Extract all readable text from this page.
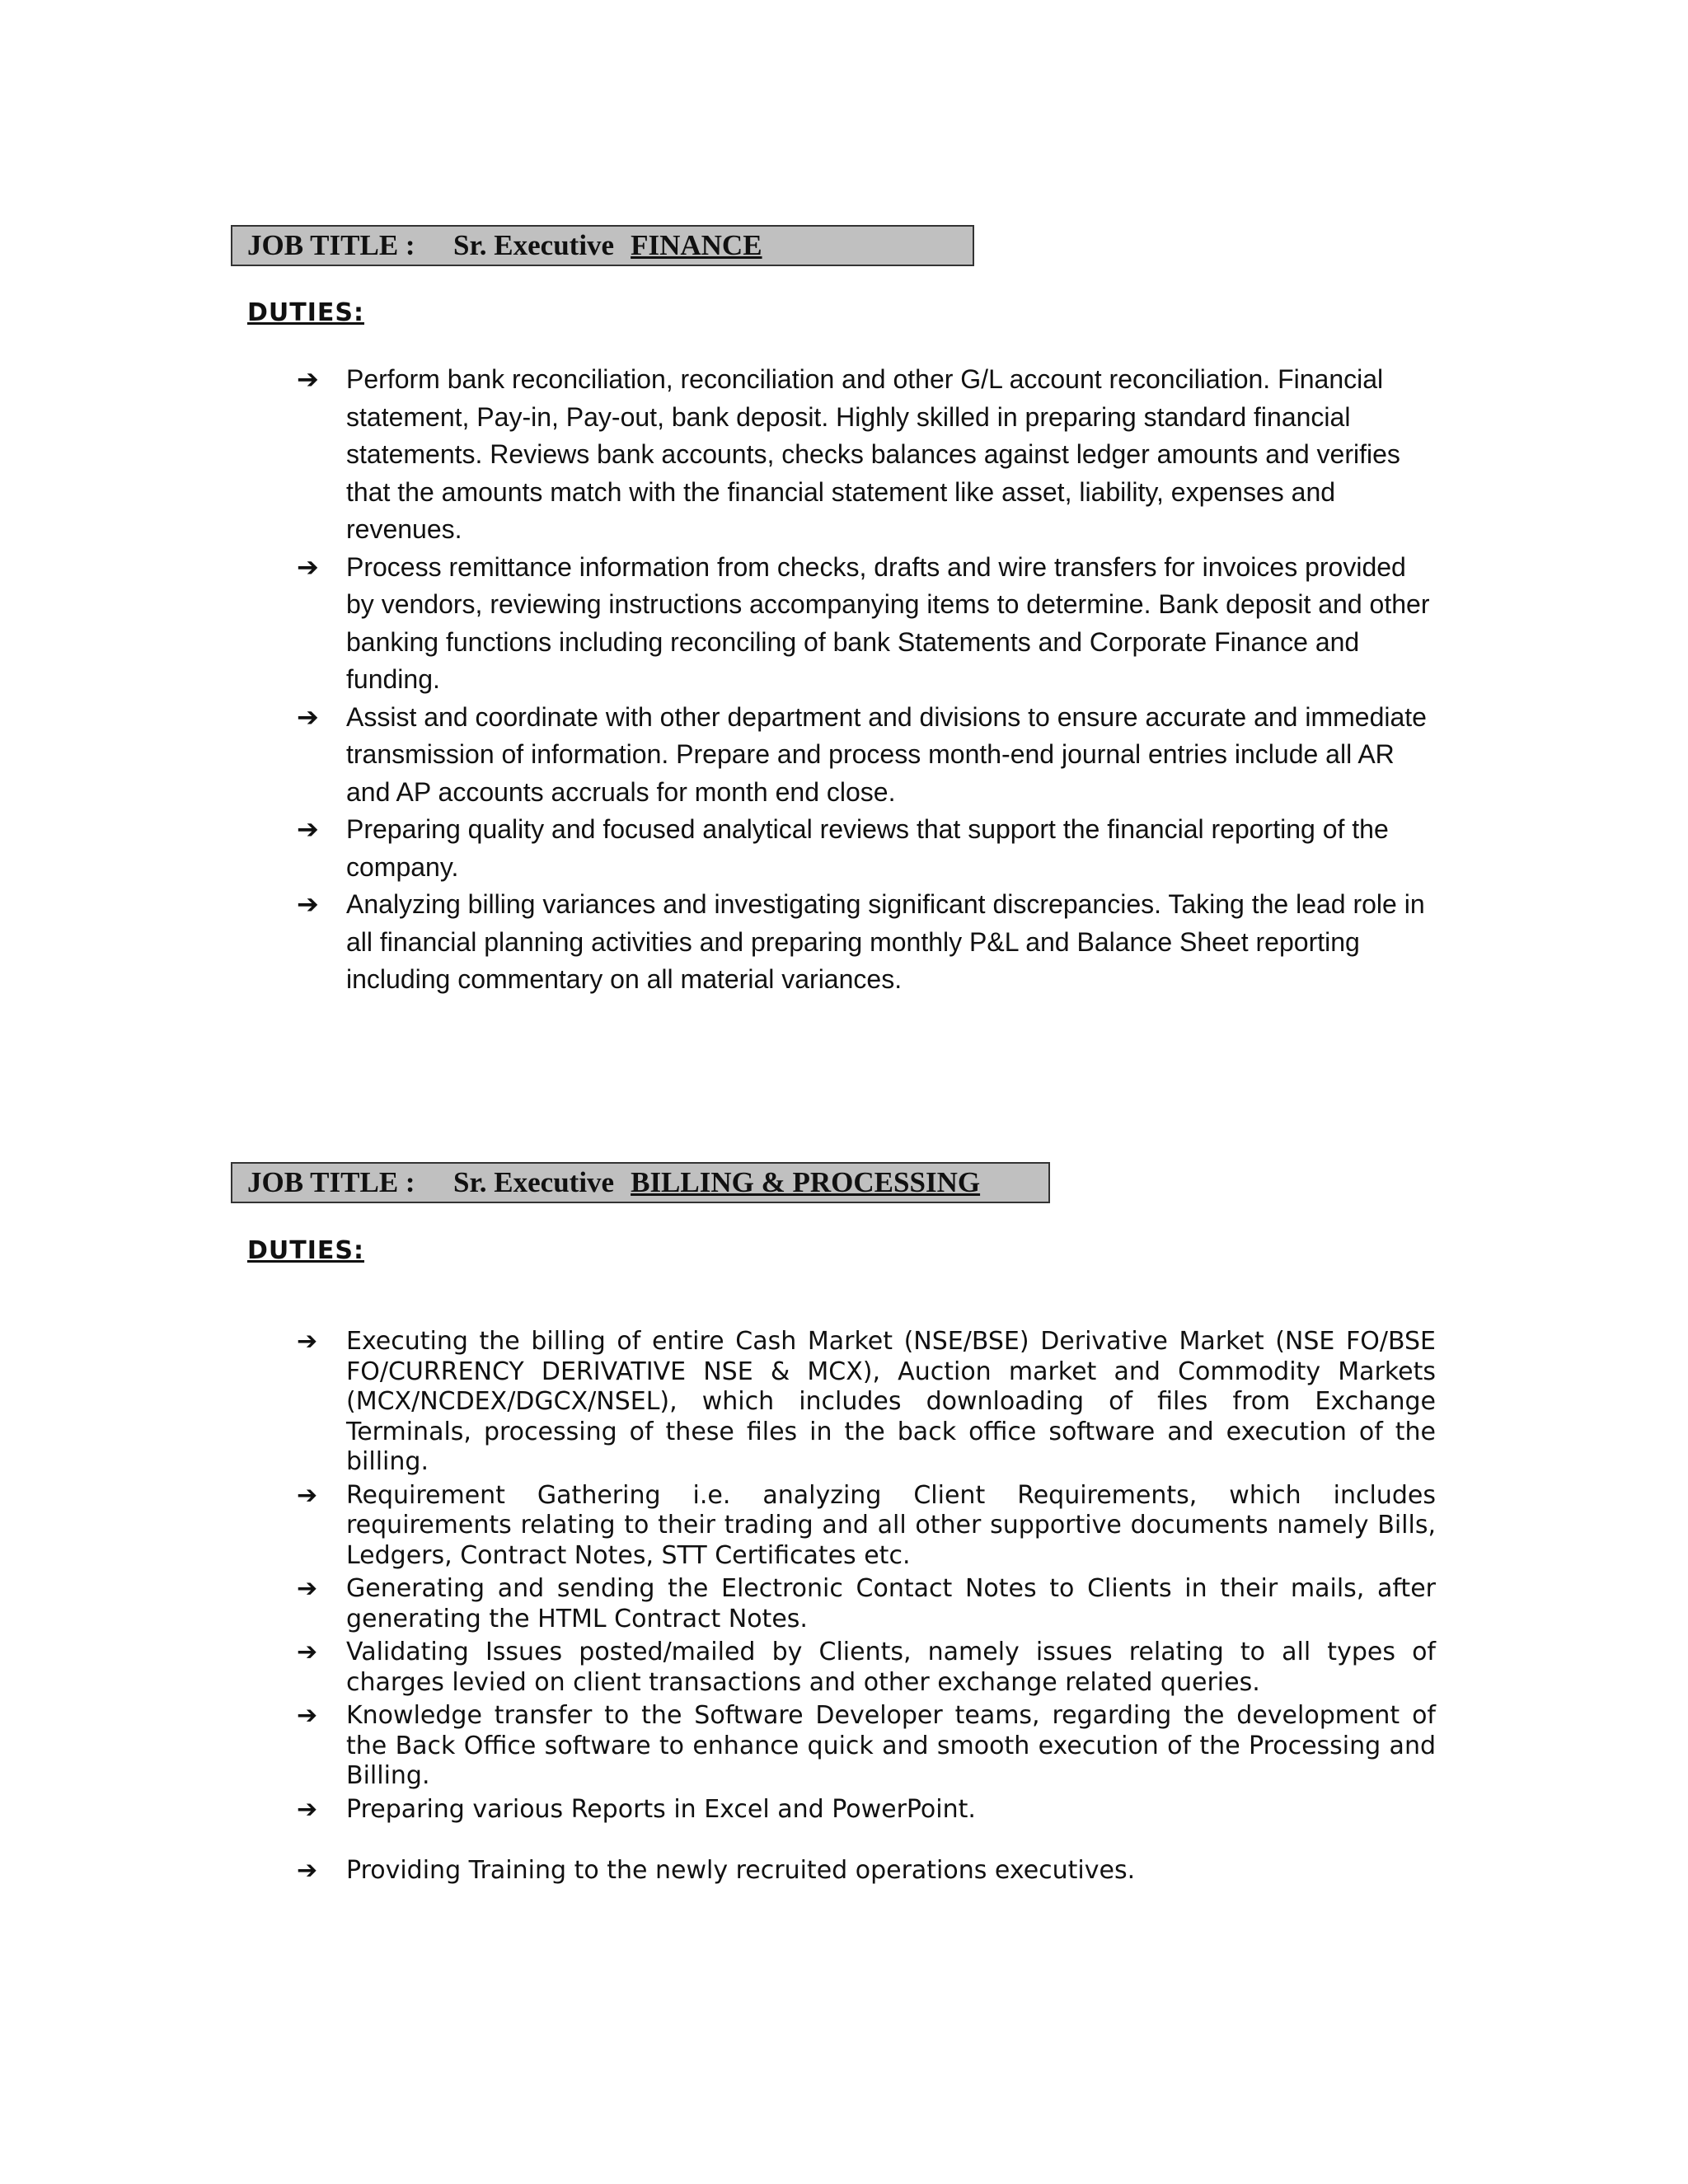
JOB TITLE : Sr. Executive FINANCE
DUTIES:
➔ Perform bank reconciliation, reconciliation and other G/L account reconciliation. Financial statement, Pay-in, Pay-out, bank deposit. Highly skilled in preparing standard financial statements. Reviews bank accounts, checks balances against ledger amounts and verifies that the amounts match with the financial statement like asset, liability, expenses and revenues.
➔ Process remittance information from checks, drafts and wire transfers for invoices provided by vendors, reviewing instructions accompanying items to determine. Bank deposit and other banking functions including reconciling of bank Statements and Corporate Finance and funding.
➔ Assist and coordinate with other department and divisions to ensure accurate and immediate transmission of information. Prepare and process month-end journal entries include all AR and AP accounts accruals for month end close.
➔ Preparing quality and focused analytical reviews that support the financial reporting of the company.
➔ Analyzing billing variances and investigating significant discrepancies. Taking the lead role in all financial planning activities and preparing monthly P&L and Balance Sheet reporting including commentary on all material variances.
JOB TITLE : Sr. Executive BILLING & PROCESSING
DUTIES:
➔ Executing the billing of entire Cash Market (NSE/BSE) Derivative Market (NSE FO/BSE FO/CURRENCY DERIVATIVE NSE & MCX), Auction market and Commodity Markets (MCX/NCDEX/DGCX/NSEL), which includes downloading of files from Exchange Terminals, processing of these files in the back office software and execution of the billing.
➔ Requirement Gathering i.e. analyzing Client Requirements, which includes requirements relating to their trading and all other supportive documents namely Bills, Ledgers, Contract Notes, STT Certificates etc.
➔ Generating and sending the Electronic Contact Notes to Clients in their mails, after generating the HTML Contract Notes.
➔ Validating Issues posted/mailed by Clients, namely issues relating to all types of charges levied on client transactions and other exchange related queries.
➔ Knowledge transfer to the Software Developer teams, regarding the development of the Back Office software to enhance quick and smooth execution of the Processing and Billing.
➔ Preparing various Reports in Excel and PowerPoint.
➔ Providing Training to the newly recruited operations executives.
